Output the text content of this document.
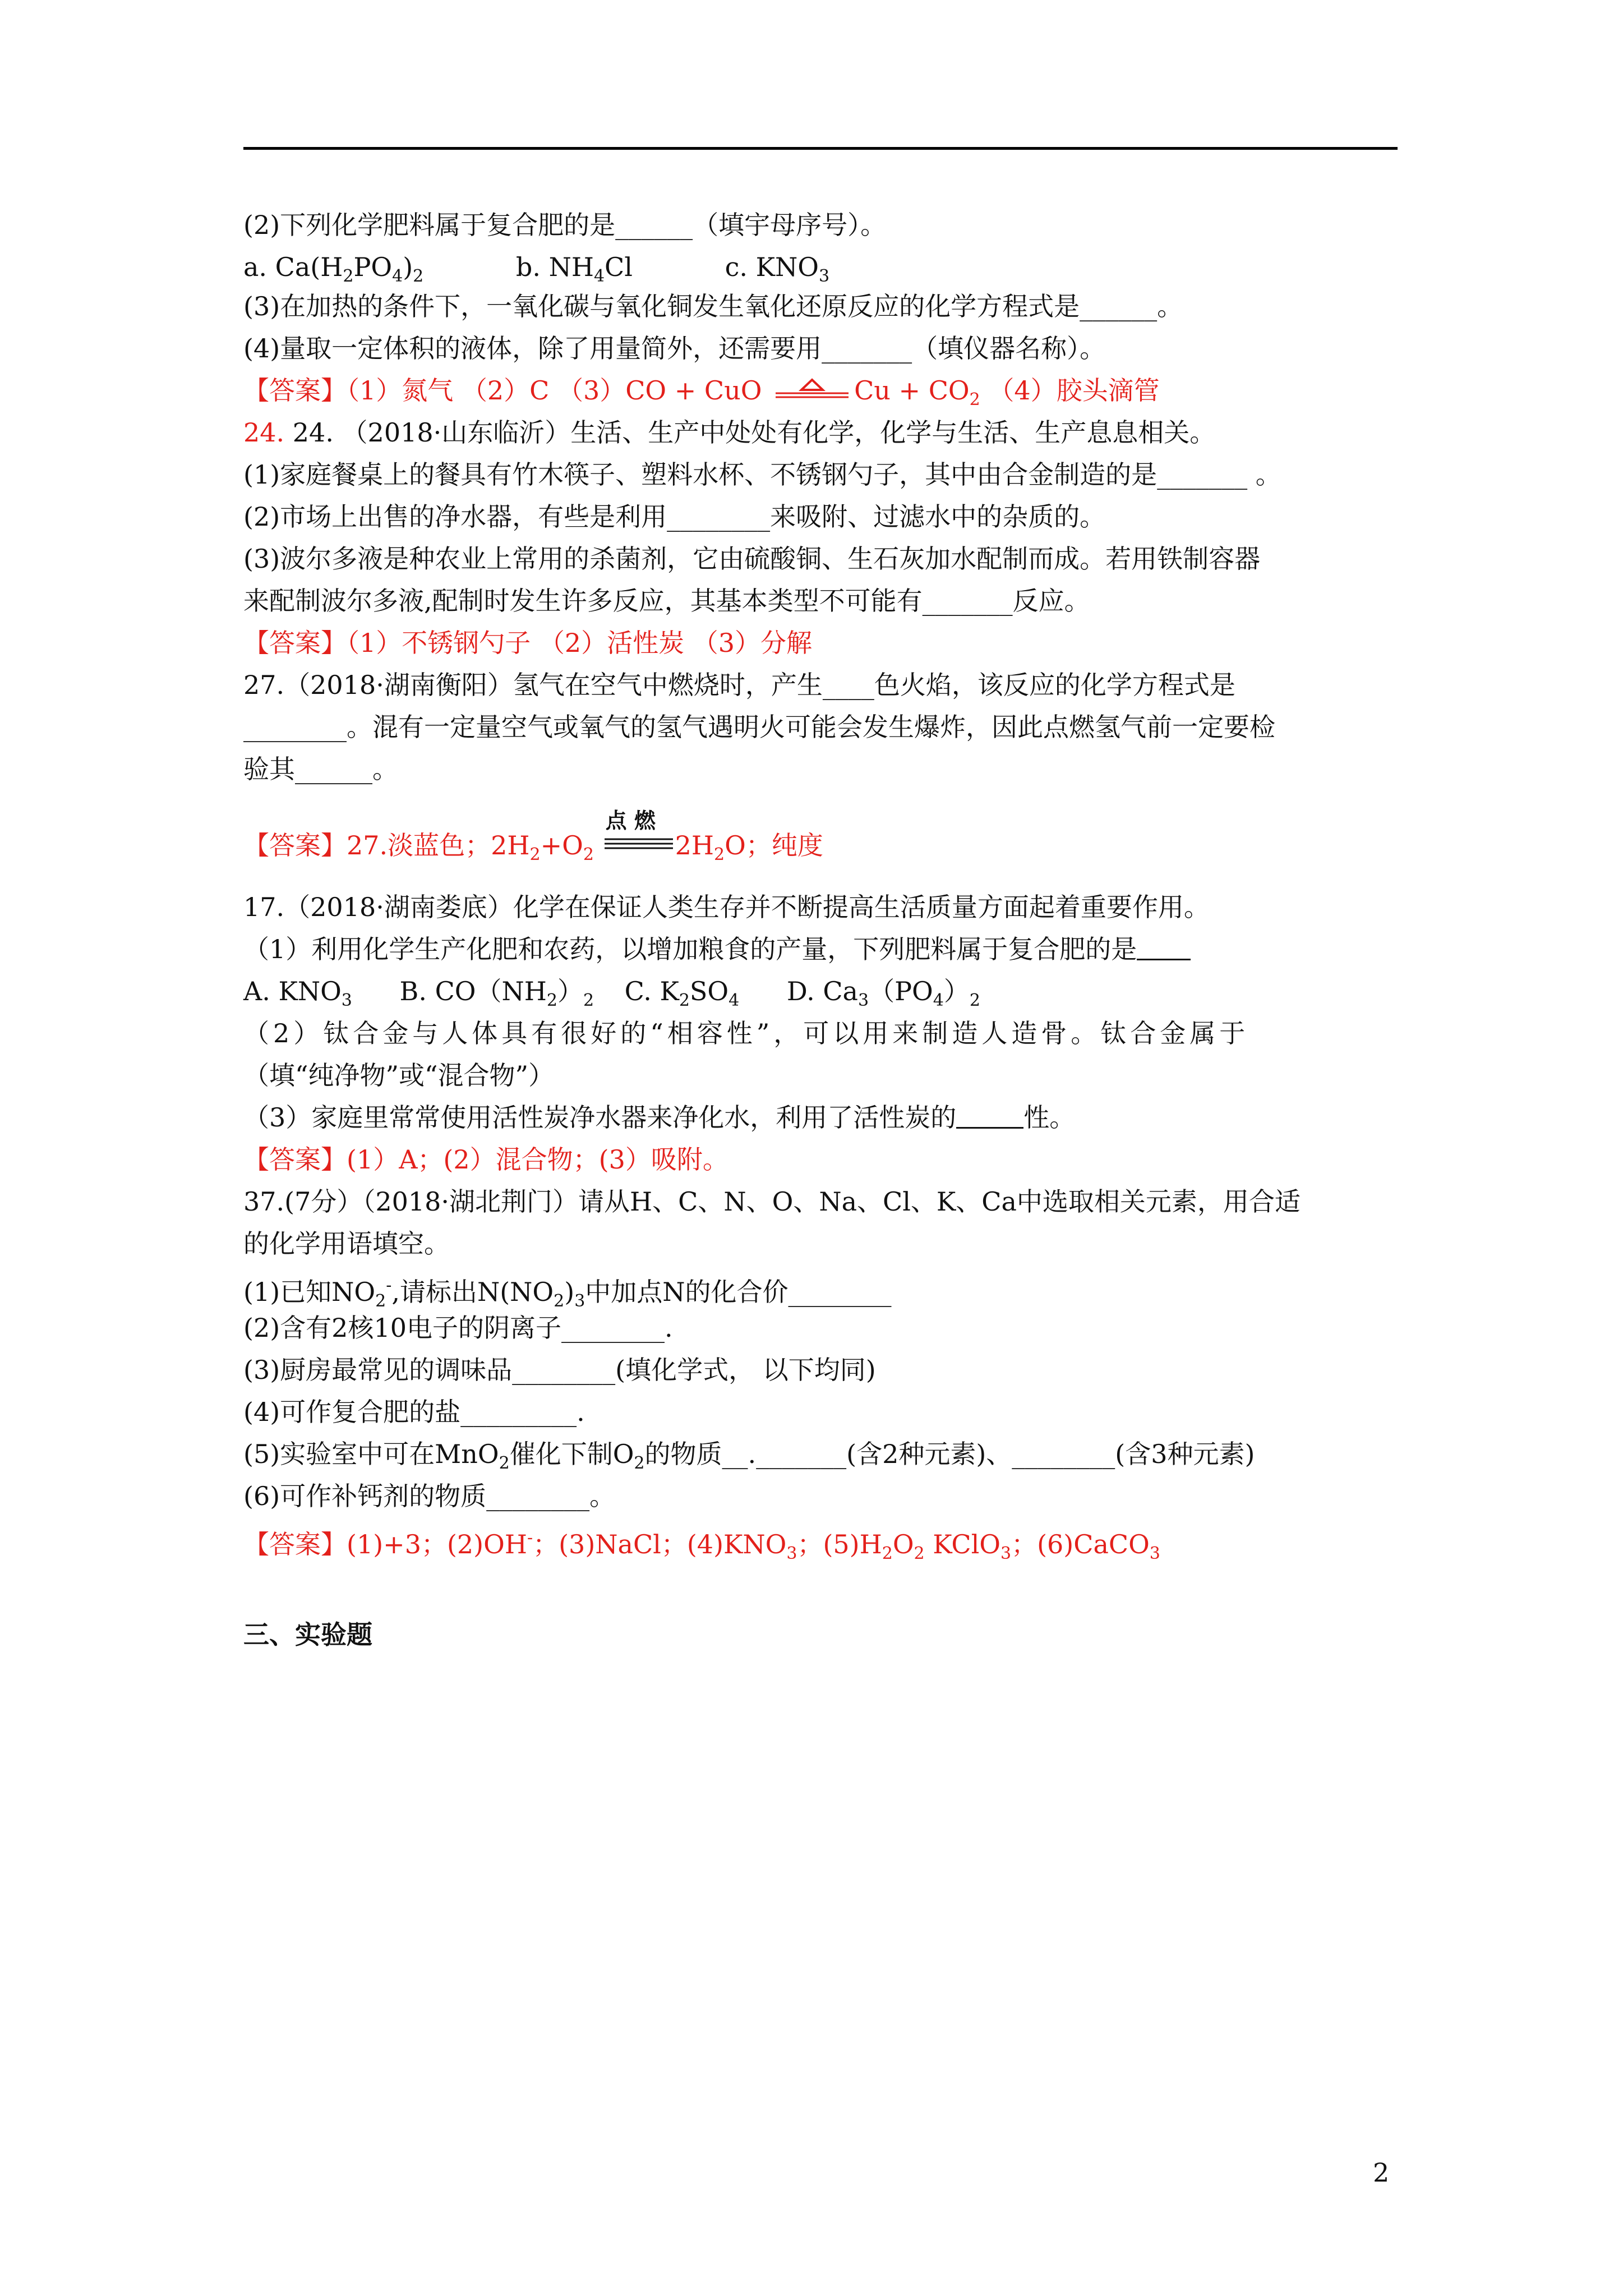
(2)下列化学肥料属于复合肥的是______（填宇母序号）。
a. $Ca(H_2PO_4)_2$	b. $NH_4Cl$	c. $KNO_3$
(3)在加热的条件下，一氧化碳与氧化铜发生氧化还原反应的化学方程式是______。
(4)量取一定体积的液体，除了用量简外，还需要用_______（填仪器名称）。
【答案】（1）氮气 （2）C （3）CO + CuO	$Cu + CO_2$ （4）胶头滴管
24. 24. （2018·山东临沂）生活、生产中处处有化学，化学与生活、生产息息相关。
(1)家庭餐桌上的餐具有竹木筷子、塑料水杯、不锈钢勺子，其中由合金制造的是_______ 。
(2)市场上出售的净水器，有些是利用________来吸附、过滤水中的杂质的。
(3)波尔多液是种农业上常用的杀菌剂，它由硫酸铜、生石灰加水配制而成。若用铁制容器
来配制波尔多液,配制时发生许多反应，其基本类型不可能有_______反应。
【答案】（1）不锈钢勺子 （2）活性炭 （3）分解
27.（2018·湖南衡阳）氢气在空气中燃烧时，产生____色火焰，该反应的化学方程式是
________。混有一定量空气或氧气的氢气遇明火可能会发生爆炸，因此点燃氢气前一定要检
验其______。
【答案】27.淡蓝色；$2H_2+O_2$
点 燃
$2H_2O$；纯度
17.（2018·湖南娄底）化学在保证人类生存并不断提高生活质量方面起着重要作用。
（1）利用化学生产化肥和农药，以增加粮食的产量，下列肥料属于复合肥的是
A. $KNO_3$ B. $CO(NH_2)_2$ C. $K_2SO_4$ D. $Ca_3(PO_4)_2$
（2）钛合金与人体具有很好的“相容性”，可以用来制造人造骨。钛合金属于
（填“纯净物”或“混合物”）
（3）家庭里常常使用活性炭净水器来净化水，利用了活性炭的	性。
【答案】(1）A；(2）混合物；(3）吸附。
37.(7分）（2018·湖北荆门）请从H、C、N、O、Na、Cl、K、Ca中选取相关元素，用合适
的化学用语填空。
(1)已知$NO_2^-$,请标出$N(NO_2)_3$中加点N的化合价________
(2)含有2核10电子的阴离子________.
(3)厨房最常见的调味品________(填化学式， 以下均同)
(4)可作复合肥的盐_________.
(5)实验室中可在MnO$_2$催化下制$O_2$的物质__._______(含2种元素)、________(含3种元素)
(6)可作补钙剂的物质________。
【答案】(1)+3；(2)OH-；(3)NaCl；$(4)KNO_3$；$(5)H_2O_2$ KClO$_3$；(6)CaCO$_3$
三、实验题
2
